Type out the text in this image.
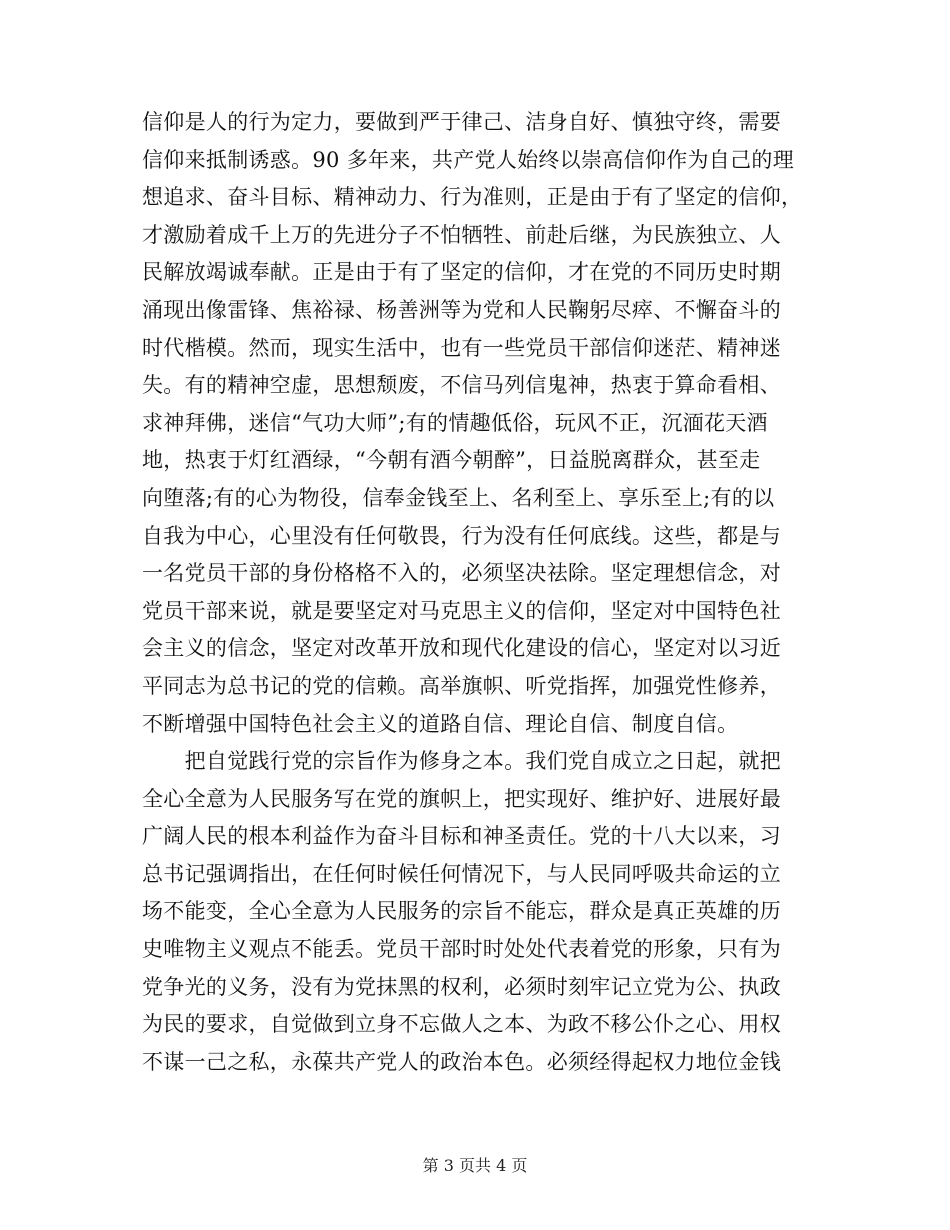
信仰是人的行为定力，要做到严于律己、洁身自好、慎独守终，需要
信仰来抵制诱惑。90 多年来，共产党人始终以崇高信仰作为自己的理
想追求、奋斗目标、精神动力、行为准则，正是由于有了坚定的信仰，
才激励着成千上万的先进分子不怕牺牲、前赴后继，为民族独立、人
民解放竭诚奉献。正是由于有了坚定的信仰，才在党的不同历史时期
涌现出像雷锋、焦裕禄、杨善洲等为党和人民鞠躬尽瘁、不懈奋斗的
时代楷模。然而，现实生活中，也有一些党员干部信仰迷茫、精神迷
失。有的精神空虚，思想颓废，不信马列信鬼神，热衷于算命看相、
求神拜佛，迷信“气功大师”;有的情趣低俗，玩风不正，沉湎花天酒
地，热衷于灯红酒绿，“今朝有酒今朝醉”，日益脱离群众，甚至走
向堕落;有的心为物役，信奉金钱至上、名利至上、享乐至上;有的以
自我为中心，心里没有任何敬畏，行为没有任何底线。这些，都是与
一名党员干部的身份格格不入的，必须坚决祛除。坚定理想信念，对
党员干部来说，就是要坚定对马克思主义的信仰，坚定对中国特色社
会主义的信念，坚定对改革开放和现代化建设的信心，坚定对以习近
平同志为总书记的党的信赖。高举旗帜、听党指挥，加强党性修养，
不断增强中国特色社会主义的道路自信、理论自信、制度自信。
　　把自觉践行党的宗旨作为修身之本。我们党自成立之日起，就把
全心全意为人民服务写在党的旗帜上，把实现好、维护好、进展好最
广阔人民的根本利益作为奋斗目标和神圣责任。党的十八大以来，习
总书记强调指出，在任何时候任何情况下，与人民同呼吸共命运的立
场不能变，全心全意为人民服务的宗旨不能忘，群众是真正英雄的历
史唯物主义观点不能丢。党员干部时时处处代表着党的形象，只有为
党争光的义务，没有为党抹黑的权利，必须时刻牢记立党为公、执政
为民的要求，自觉做到立身不忘做人之本、为政不移公仆之心、用权
不谋一己之私，永葆共产党人的政治本色。必须经得起权力地位金钱
第 3 页共 4 页
